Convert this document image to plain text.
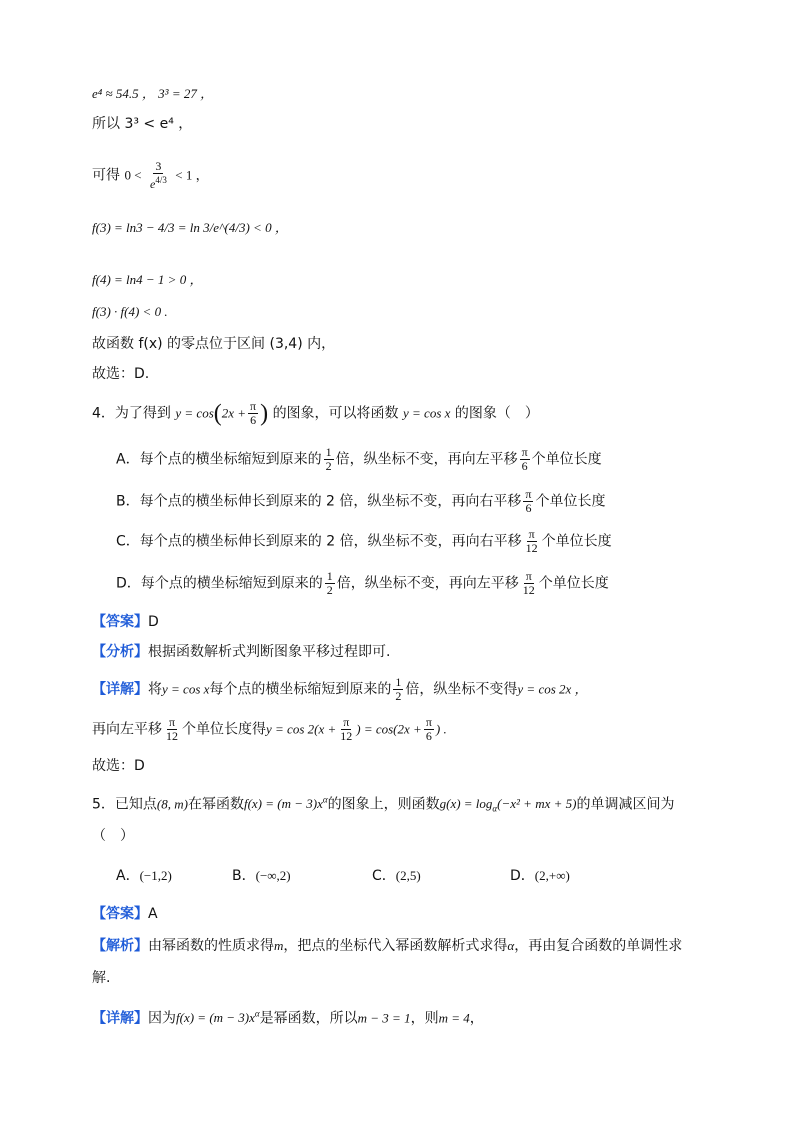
e⁴ ≈ 54.5 ， 3³ = 27 ，
所以 3³ < e⁴ ，
可得 $0 < \frac{3}{e^{4/3}} < 1$ ，
f(3) = ln3 − 4/3 = ln 3/e^(4/3) < 0 ，
f(4) = ln4 − 1 > 0 ，
f(3) · f(4) < 0 .
故函数 f(x) 的零点位于区间 (3,4) 内，
故选：D.
4．为了得到 $y = \cos(2x + \frac{\pi}{6}$ ) 的图象，可以将函数 y = cos x 的图象（　）
A．每个点的横坐标缩短到原来的 $\frac{1}{2}$ 倍，纵坐标不变，再向左平移 $\frac{\pi}{6}$ 个单位长度
B．每个点的横坐标伸长到原来的 2 倍，纵坐标不变，再向右平移 $\frac{\pi}{6}$ 个单位长度
C．每个点的横坐标伸长到原来的 2 倍，纵坐标不变，再向右平移 $\frac{\pi}{12}$ 个单位长度
D．每个点的横坐标缩短到原来的 $\frac{1}{2}$ 倍，纵坐标不变，再向左平移 $\frac{\pi}{12}$ 个单位长度
【答案】D
【分析】根据函数解析式判断图象平移过程即可.
【详解】将y = cos x每个点的横坐标缩短到原来的 $\frac{1}{2}$ 倍，纵坐标不变得y = cos 2x ，
再向左平移 $\frac{\pi}{12}$ 个单位长度得$y = \cos 2(x + \frac{\pi}{12}$ ) = $\cos(2x + \frac{\pi}{6}$ ) .
故选：D
5．已知点(8, m)在幂函数$f(x) = (m - 3)x^\alpha$的图象上，则函数$g(x) = \log_\alpha(-x^2$ + mx + 5)的单调减区间为
（　）
A．(−1,2)	B．(−∞,2)	C．(2,5)	D．(2,+∞)
【答案】A
【解析】由幂函数的性质求得m，把点的坐标代入幂函数解析式求得α，再由复合函数的单调性求
解.
【详解】因为$f(x) = (m - 3)x^\alpha$是幂函数，所以m − 3 = 1，则m = 4，
